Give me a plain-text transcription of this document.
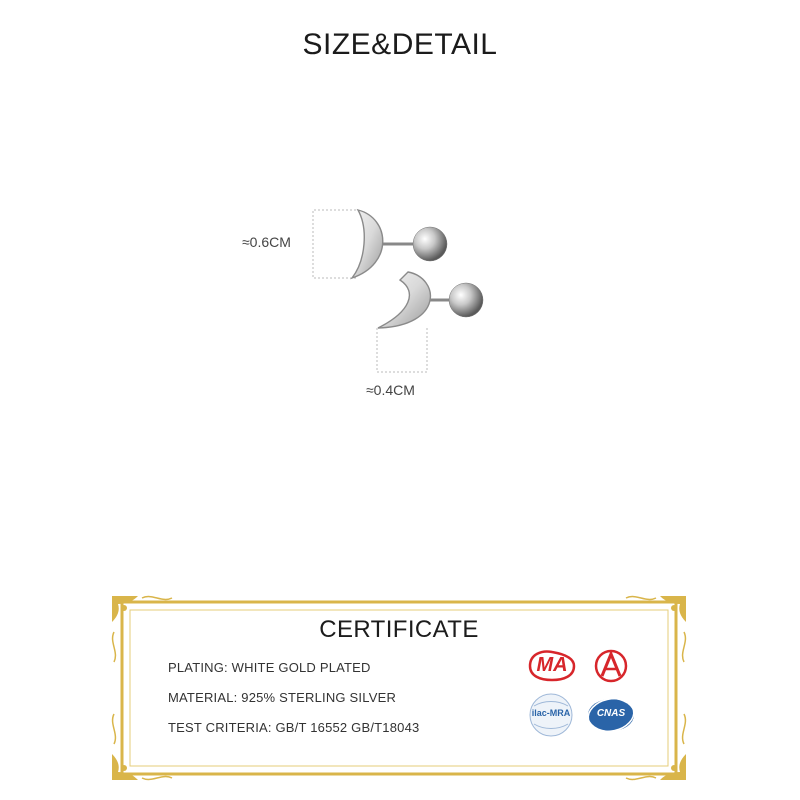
SIZE&DETAIL
≈0.6CM
≈0.4CM
CERTIFICATE
PLATING: WHITE GOLD PLATED
MATERIAL: 925% STERLING SILVER
TEST CRITERIA: GB/T 16552 GB/T18043
MA
ilac-MRA	CNAS
